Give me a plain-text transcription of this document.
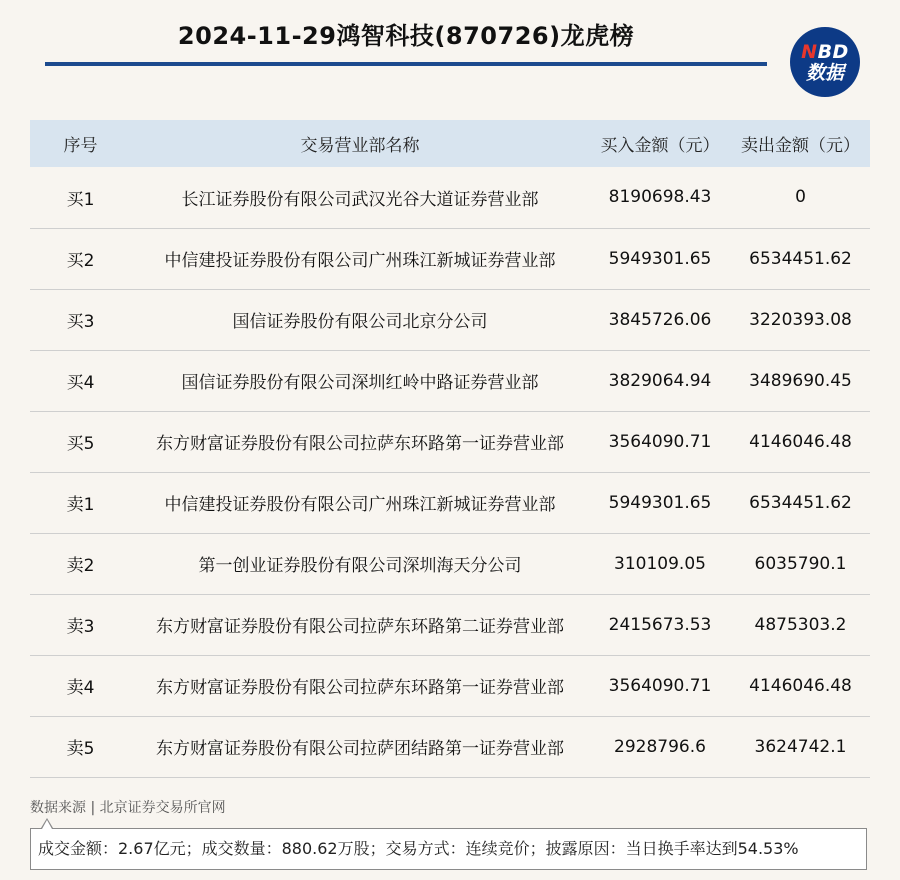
2024-11-29鸿智科技(870726)龙虎榜
NBD
数据
序号	交易营业部名称	买入金额（元）	卖出金额（元）
买1	长江证券股份有限公司武汉光谷大道证券营业部	8190698.43	0
买2	中信建投证券股份有限公司广州珠江新城证券营业部	5949301.65	6534451.62
买3	国信证券股份有限公司北京分公司	3845726.06	3220393.08
买4	国信证券股份有限公司深圳红岭中路证券营业部	3829064.94	3489690.45
买5	东方财富证券股份有限公司拉萨东环路第一证券营业部	3564090.71	4146046.48
卖1	中信建投证券股份有限公司广州珠江新城证券营业部	5949301.65	6534451.62
卖2	第一创业证券股份有限公司深圳海天分公司	310109.05	6035790.1
卖3	东方财富证券股份有限公司拉萨东环路第二证券营业部	2415673.53	4875303.2
卖4	东方财富证券股份有限公司拉萨东环路第一证券营业部	3564090.71	4146046.48
卖5	东方财富证券股份有限公司拉萨团结路第一证券营业部	2928796.6	3624742.1
数据来源 | 北京证券交易所官网
成交金额：2.67亿元；成交数量：880.62万股；交易方式：连续竞价；披露原因：当日换手率达到54.53%
